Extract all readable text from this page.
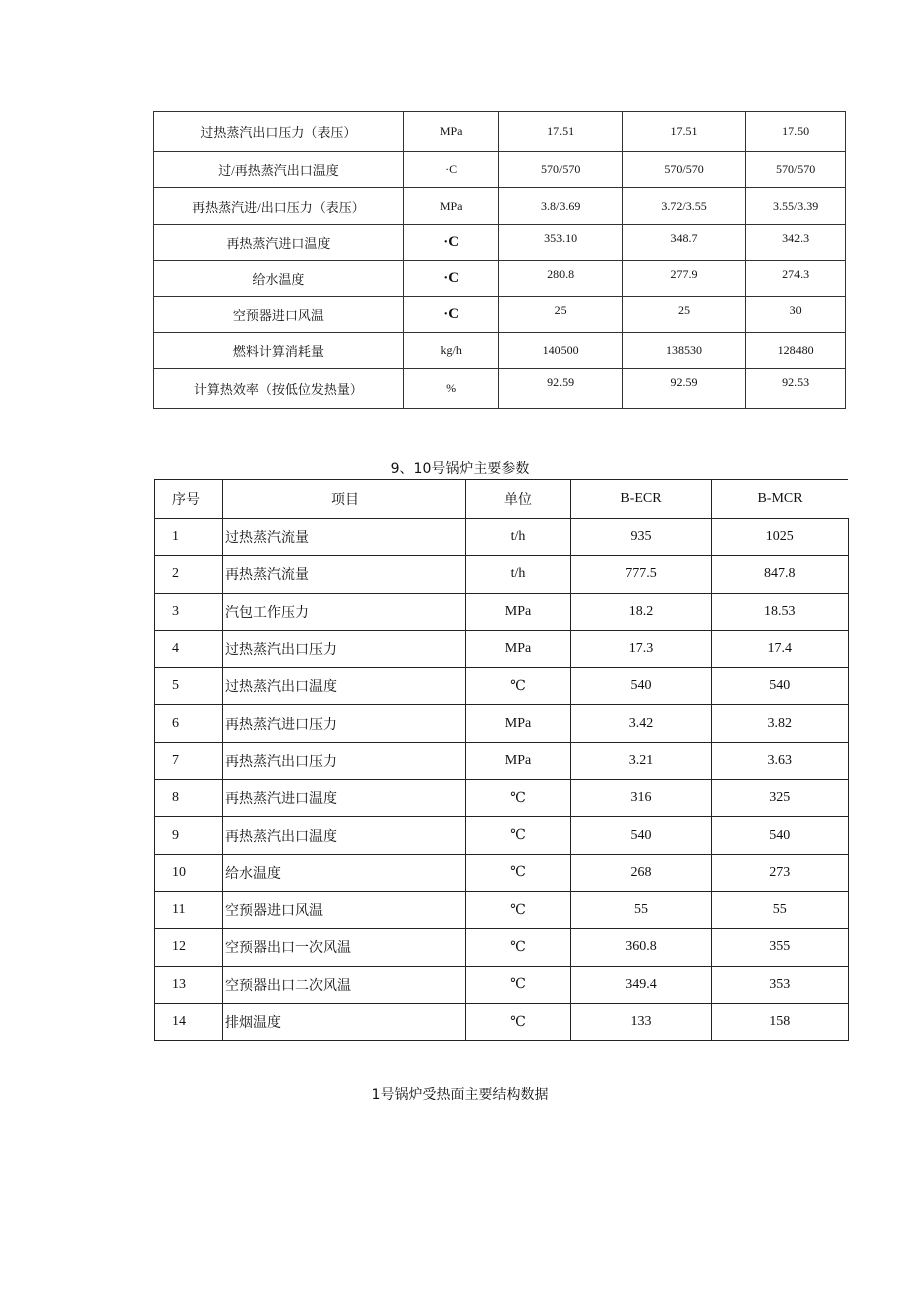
过热蒸汽出口压力（表压）	MPa	17.51	17.51	17.50
过/再热蒸汽出口温度	·C	570/570	570/570	570/570
再热蒸汽进/出口压力（表压）	MPa	3.8/3.69	3.72/3.55	3.55/3.39
再热蒸汽进口温度	·C	353.10	348.7	342.3
给水温度	·C	280.8	277.9	274.3
空预器进口风温	·C	25	25	30
燃料计算消耗量	kg/h	140500	138530	128480
计算热效率（按低位发热量）	%	92.59	92.59	92.53
9、10号锅炉主要参数
序号	项目	单位	B-ECR	B-MCR
1	过热蒸汽流量	t/h	935	1025
2	再热蒸汽流量	t/h	777.5	847.8
3	汽包工作压力	MPa	18.2	18.53
4	过热蒸汽出口压力	MPa	17.3	17.4
5	过热蒸汽出口温度	℃	540	540
6	再热蒸汽进口压力	MPa	3.42	3.82
7	再热蒸汽出口压力	MPa	3.21	3.63
8	再热蒸汽进口温度	℃	316	325
9	再热蒸汽出口温度	℃	540	540
10	给水温度	℃	268	273
11	空预器进口风温	℃	55	55
12	空预器出口一次风温	℃	360.8	355
13	空预器出口二次风温	℃	349.4	353
14	排烟温度	℃	133	158
1号锅炉受热面主要结构数据
